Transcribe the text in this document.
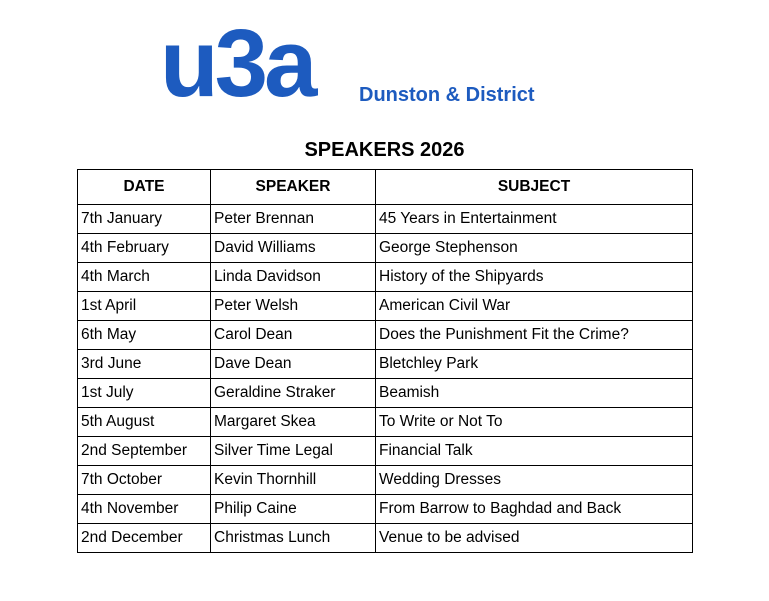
u3a Dunston & District
SPEAKERS 2026
DATE	SPEAKER	SUBJECT
7th January	Peter Brennan	45 Years in Entertainment
4th February	David Williams	George Stephenson
4th March	Linda Davidson	History of the Shipyards
1st April	Peter Welsh	American Civil War
6th May	Carol Dean	Does the Punishment Fit the Crime?
3rd June	Dave Dean	Bletchley Park
1st July	Geraldine Straker	Beamish
5th August	Margaret Skea	To Write or Not To
2nd September	Silver Time Legal	Financial Talk
7th October	Kevin Thornhill	Wedding Dresses
4th November	Philip Caine	From Barrow to Baghdad and Back
2nd December	Christmas Lunch	Venue to be advised
